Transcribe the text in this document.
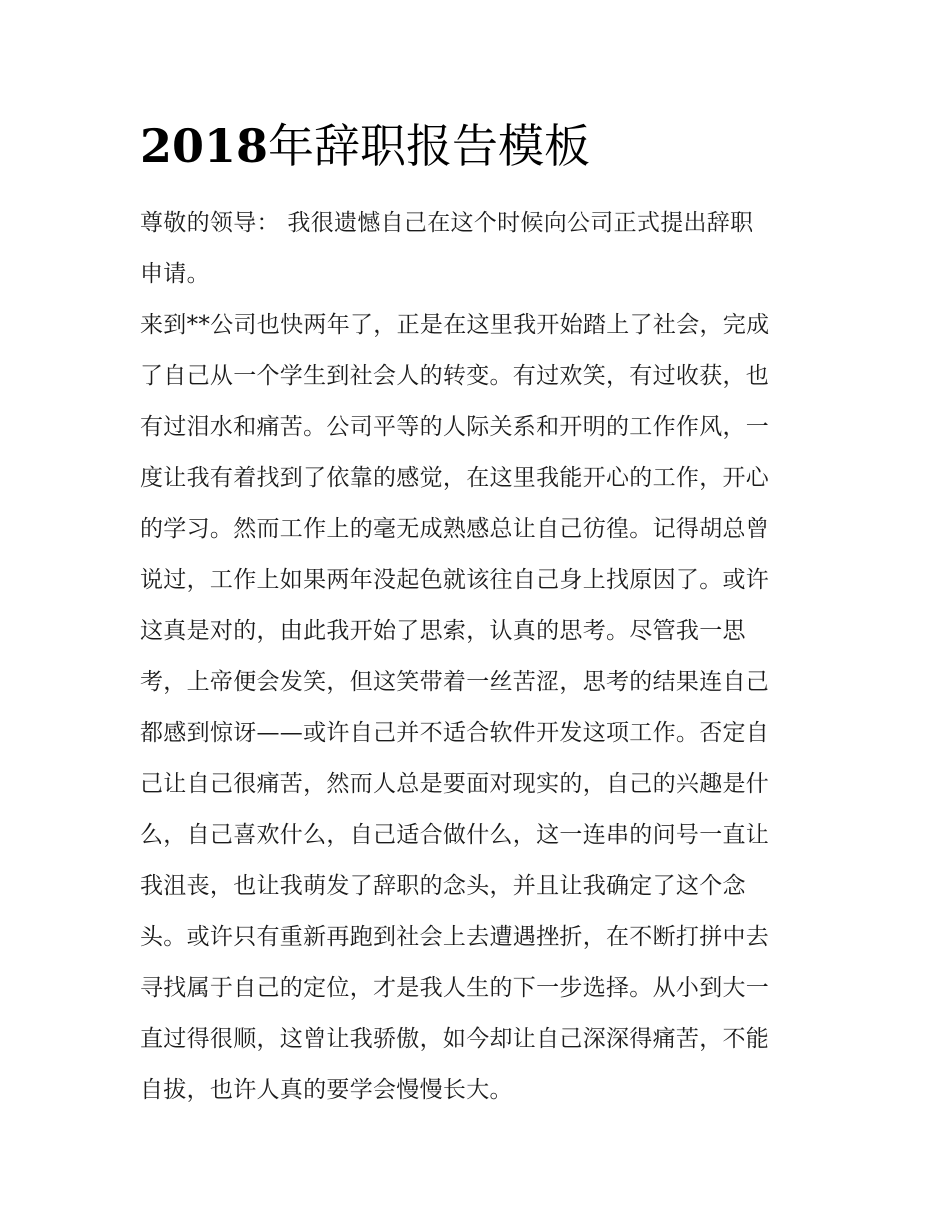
2018年辞职报告模板
尊敬的领导： 我很遗憾自己在这个时候向公司正式提出辞职
申请。
来到**公司也快两年了，正是在这里我开始踏上了社会，完成
了自己从一个学生到社会人的转变。有过欢笑，有过收获，也
有过泪水和痛苦。公司平等的人际关系和开明的工作作风，一
度让我有着找到了依靠的感觉，在这里我能开心的工作，开心
的学习。然而工作上的毫无成熟感总让自己彷徨。记得胡总曾
说过，工作上如果两年没起色就该往自己身上找原因了。或许
这真是对的，由此我开始了思索，认真的思考。尽管我一思
考，上帝便会发笑，但这笑带着一丝苦涩，思考的结果连自己
都感到惊讶——或许自己并不适合软件开发这项工作。否定自
己让自己很痛苦，然而人总是要面对现实的，自己的兴趣是什
么，自己喜欢什么，自己适合做什么，这一连串的问号一直让
我沮丧，也让我萌发了辞职的念头，并且让我确定了这个念
头。或许只有重新再跑到社会上去遭遇挫折，在不断打拼中去
寻找属于自己的定位，才是我人生的下一步选择。从小到大一
直过得很顺，这曾让我骄傲，如今却让自己深深得痛苦，不能
自拔，也许人真的要学会慢慢长大。
